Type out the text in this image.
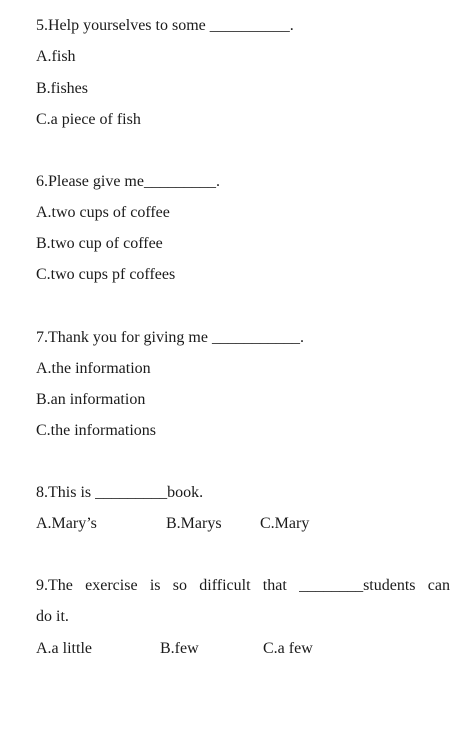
5.Help yourselves to some __________.
A.fish
B.fishes
C.a piece of fish
6.Please give me_________.
A.two cups of coffee
B.two cup of coffee
C.two cups pf coffees
7.Thank you for giving me ___________.
A.the information
B.an information
C.the informations
8.This is _________book.

A.Mary’s

	B.Marys

C.Mary

9.The exercise is so difficult that ________students can
do it.

A.a little

	B.few

	C.a few
